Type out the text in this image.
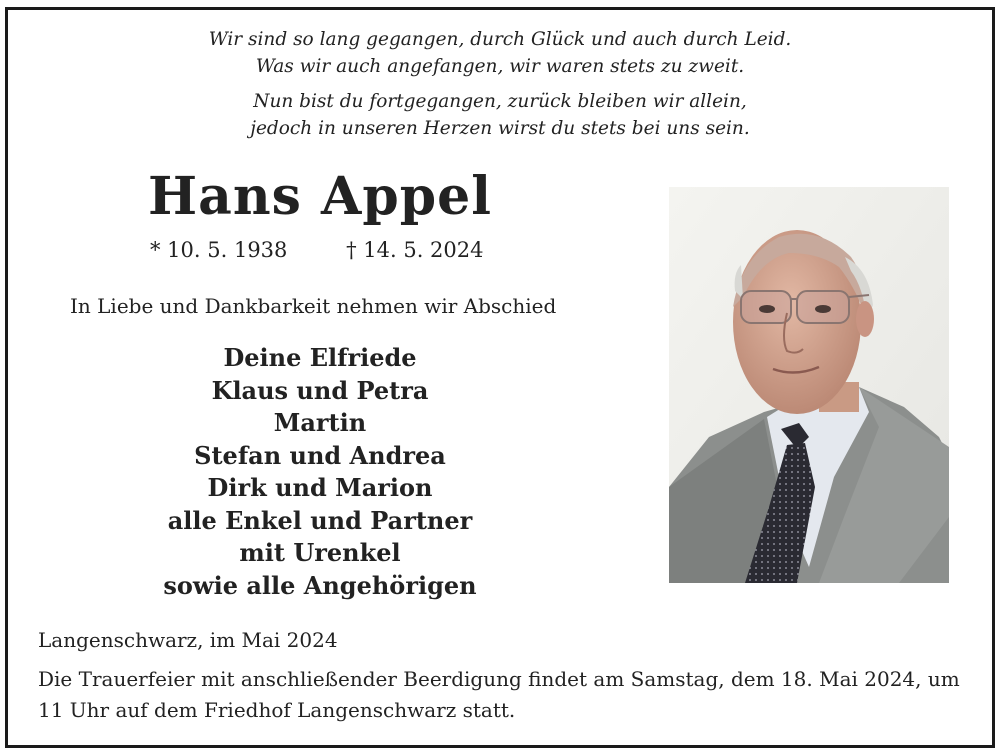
Wir sind so lang gegangen, durch Glück und auch durch Leid.
Was wir auch angefangen, wir waren stets zu zweit.
Nun bist du fortgegangen, zurück bleiben wir allein,
jedoch in unseren Herzen wirst du stets bei uns sein.
Hans Appel
* 10. 5. 1938	† 14. 5. 2024
In Liebe und Dankbarkeit nehmen wir Abschied
Deine Elfriede
Klaus und Petra
Martin
Stefan und Andrea
Dirk und Marion
alle Enkel und Partner
mit Urenkel
sowie alle Angehörigen
Langenschwarz, im Mai 2024
Die Trauerfeier mit anschließender Beerdigung findet am Samstag, dem 18. Mai 2024, um 11 Uhr auf dem Friedhof Langenschwarz statt.
